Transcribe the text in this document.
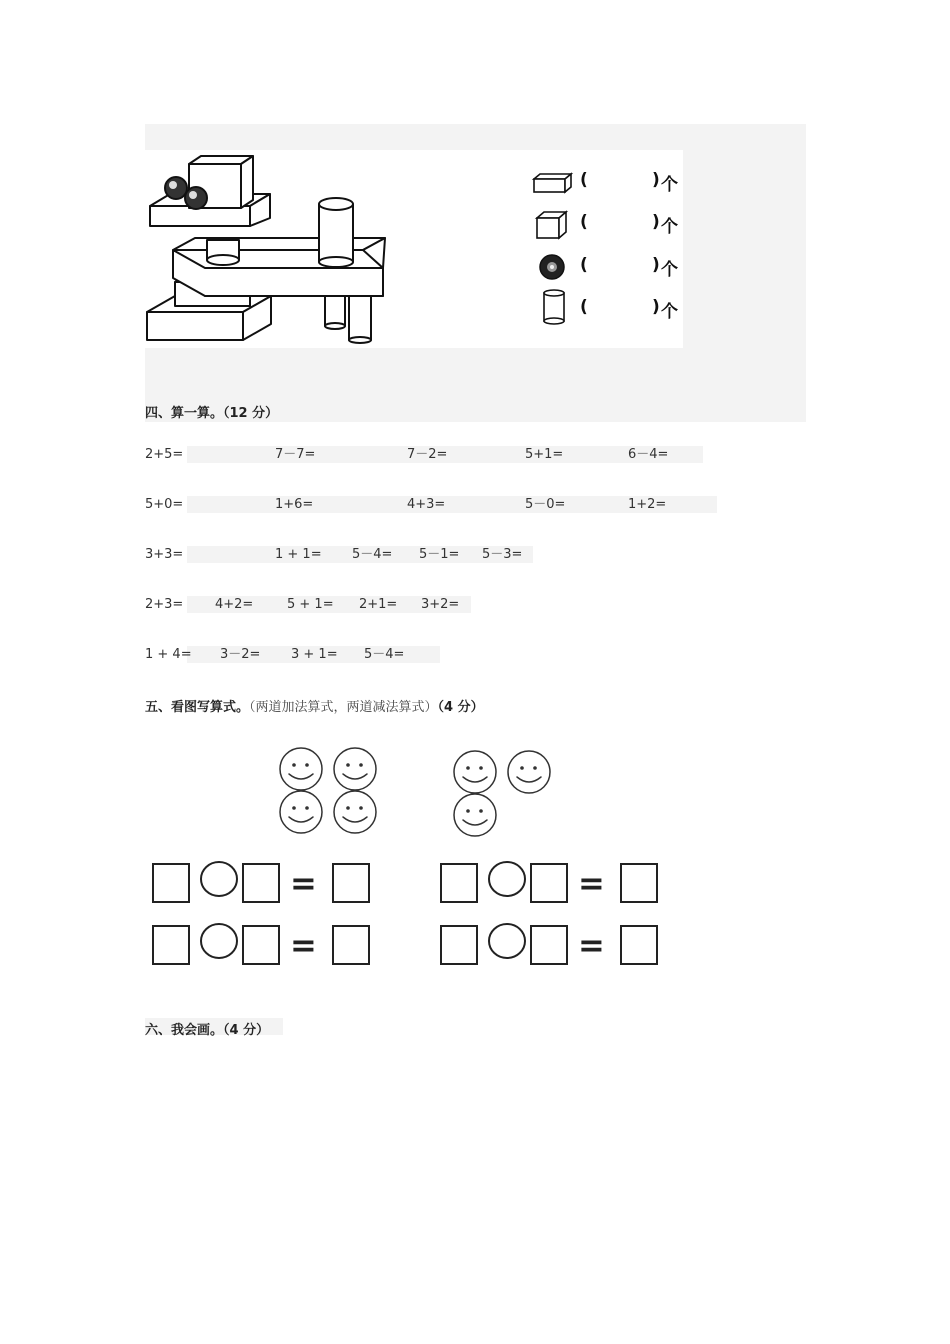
(	) 个
(	) 个
(	) 个
(	) 个
四、算一算。（12 分）
2+5=	7－7=	7－2=	5+1=	6－4=
5+0=	1+6=	4+3=	5－0=	1+2=
3+3=	1 + 1= 5－4= 5－1= 5－3=
2+3= 4+2=	5 + 1= 2+1= 3+2=
1 + 4= 3－2= 3 + 1= 5－4=
五、看图写算式。（两道加法算式，两道减法算式）（4 分）
=
=
=
=
六、我会画。（4 分）
